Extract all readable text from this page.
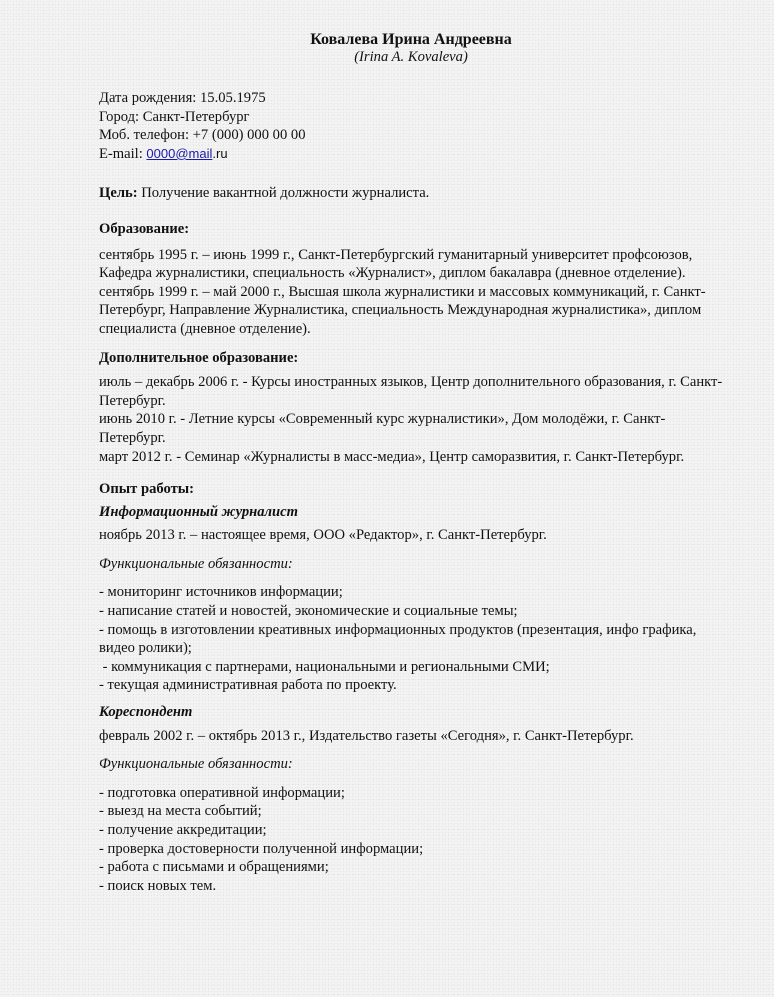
Ковалева Ирина Андреевна
(Irina A. Kovaleva)

Дата рождения: 15.05.1975

Город: Санкт-Петербург

Моб. телефон: +7 (000) 000 00 00

E-mail: 0000@mail.ru

Цель: Получение вакантной должности журналиста.

Образование:

сентябрь 1995 г. – июнь 1999 г., Санкт-Петербургский гуманитарный университет профсоюзов, Кафедра журналистики, специальность «Журналист», диплом бакалавра (дневное отделение).

сентябрь 1999 г. – май 2000 г., Высшая школа журналистики и массовых коммуникаций, г. Санкт-Петербург, Направление Журналистика, специальность Международная журналистика», диплом специалиста (дневное отделение).

Дополнительное образование:

июль – декабрь 2006 г. - Курсы иностранных языков, Центр дополнительного образования, г. Санкт-Петербург.

июнь 2010 г. - Летние курсы «Современный курс журналистики», Дом молодёжи, г. Санкт-Петербург.

март 2012 г. - Семинар «Журналисты в масс-медиа», Центр саморазвития, г. Санкт-Петербург.

Опыт работы:
Информационный журналист

ноябрь 2013 г. – настоящее время, ООО «Редактор», г. Санкт-Петербург.

Функциональные обязанности:

- мониторинг источников информации;

- написание статей и новостей, экономические и социальные темы;

- помощь в изготовлении креативных информационных продуктов (презентация, инфо графика, видео ролики);

- коммуникация с партнерами, национальными и региональными СМИ;

- текущая административная работа по проекту.

Кореспондент

февраль 2002 г. – октябрь 2013 г., Издательство газеты «Сегодня», г. Санкт-Петербург.

Функциональные обязанности:

- подготовка оперативной информации;

- выезд на места событий;

- получение аккредитации;

- проверка достоверности полученной информации;

- работа с письмами и обращениями;

- поиск новых тем.
